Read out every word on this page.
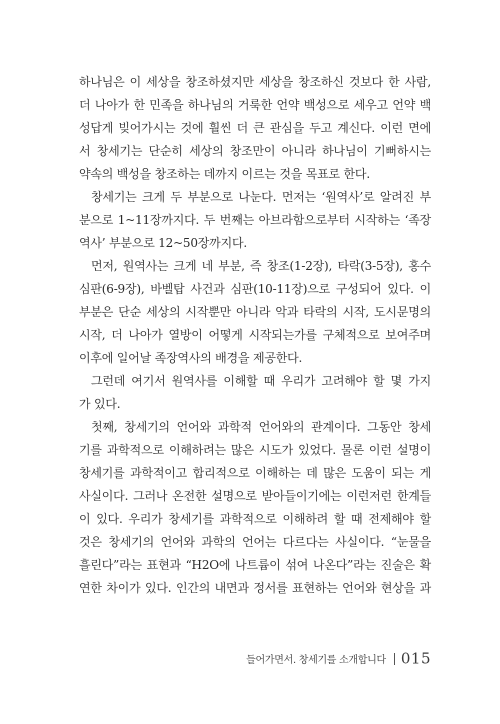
하나님은 이 세상을 창조하셨지만 세상을 창조하신 것보다 한 사람,
더 나아가 한 민족을 하나님의 거룩한 언약 백성으로 세우고 언약 백
성답게 빚어가시는 것에 훨씬 더 큰 관심을 두고 계신다. 이런 면에
서 창세기는 단순히 세상의 창조만이 아니라 하나님이 기뻐하시는
약속의 백성을 창조하는 데까지 이르는 것을 목표로 한다.
창세기는 크게 두 부분으로 나눈다. 먼저는 ‘원역사’로 알려진 부
분으로 1~11장까지다. 두 번째는 아브라함으로부터 시작하는 ‘족장
역사’ 부분으로 12~50장까지다.
먼저, 원역사는 크게 네 부분, 즉 창조(1-2장), 타락(3-5장), 홍수
심판(6-9장), 바벨탑 사건과 심판(10-11장)으로 구성되어 있다. 이
부분은 단순 세상의 시작뿐만 아니라 악과 타락의 시작, 도시문명의
시작, 더 나아가 열방이 어떻게 시작되는가를 구체적으로 보여주며
이후에 일어날 족장역사의 배경을 제공한다.
그런데 여기서 원역사를 이해할 때 우리가 고려해야 할 몇 가지
가 있다.
첫째, 창세기의 언어와 과학적 언어와의 관계이다. 그동안 창세
기를 과학적으로 이해하려는 많은 시도가 있었다. 물론 이런 설명이
창세기를 과학적이고 합리적으로 이해하는 데 많은 도움이 되는 게
사실이다. 그러나 온전한 설명으로 받아들이기에는 이런저런 한계들
이 있다. 우리가 창세기를 과학적으로 이해하려 할 때 전제해야 할
것은 창세기의 언어와 과학의 언어는 다르다는 사실이다. “눈물을
흘린다”라는 표현과 “H2O에 나트륨이 섞여 나온다”라는 진술은 확
연한 차이가 있다. 인간의 내면과 정서를 표현하는 언어와 현상을 과
들어가면서. 창세기를 소개합니다 015
